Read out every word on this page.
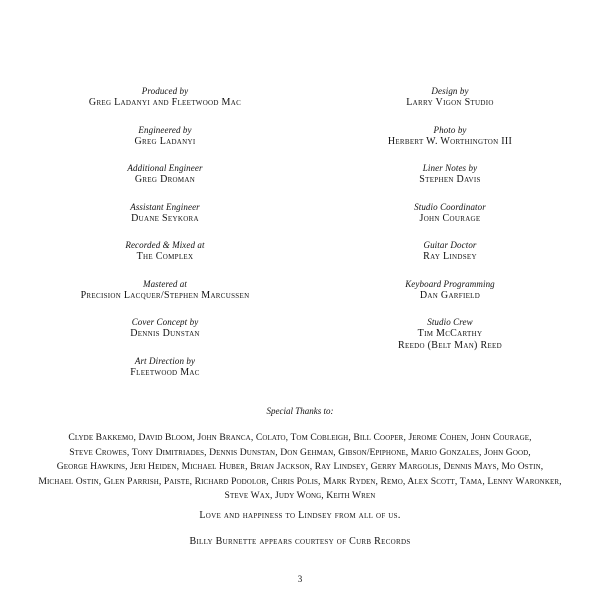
Produced by
Greg Ladanyi and Fleetwood Mac
Engineered by
Greg Ladanyi
Additional Engineer
Greg Droman
Assistant Engineer
Duane Seykora
Recorded & Mixed at
The Complex
Mastered at
Precision Lacquer/Stephen Marcussen
Cover Concept by
Dennis Dunstan
Art Direction by
Fleetwood Mac
Design by
Larry Vigon Studio
Photo by
Herbert W. Worthington III
Liner Notes by
Stephen Davis
Studio Coordinator
John Courage
Guitar Doctor
Ray Lindsey
Keyboard Programming
Dan Garfield
Studio Crew
Tim McCarthy
Reedo (Belt Man) Reed
Special Thanks to:
Clyde Bakkemo, David Bloom, John Branca, Colato, Tom Cobleigh, Bill Cooper, Jerome Cohen, John Courage,
Steve Crowes, Tony Dimitriades, Dennis Dunstan, Don Gehman, Gibson/Epiphone, Mario Gonzales, John Good,
George Hawkins, Jeri Heiden, Michael Huber, Brian Jackson, Ray Lindsey, Gerry Margolis, Dennis Mays, Mo Ostin,
Michael Ostin, Glen Parrish, Paiste, Richard Podolor, Chris Polis, Mark Ryden, Remo, Alex Scott, Tama, Lenny Waronker,
Steve Wax, Judy Wong, Keith Wren
Love and happiness to Lindsey from all of us.
Billy Burnette appears courtesy of Curb Records
3
